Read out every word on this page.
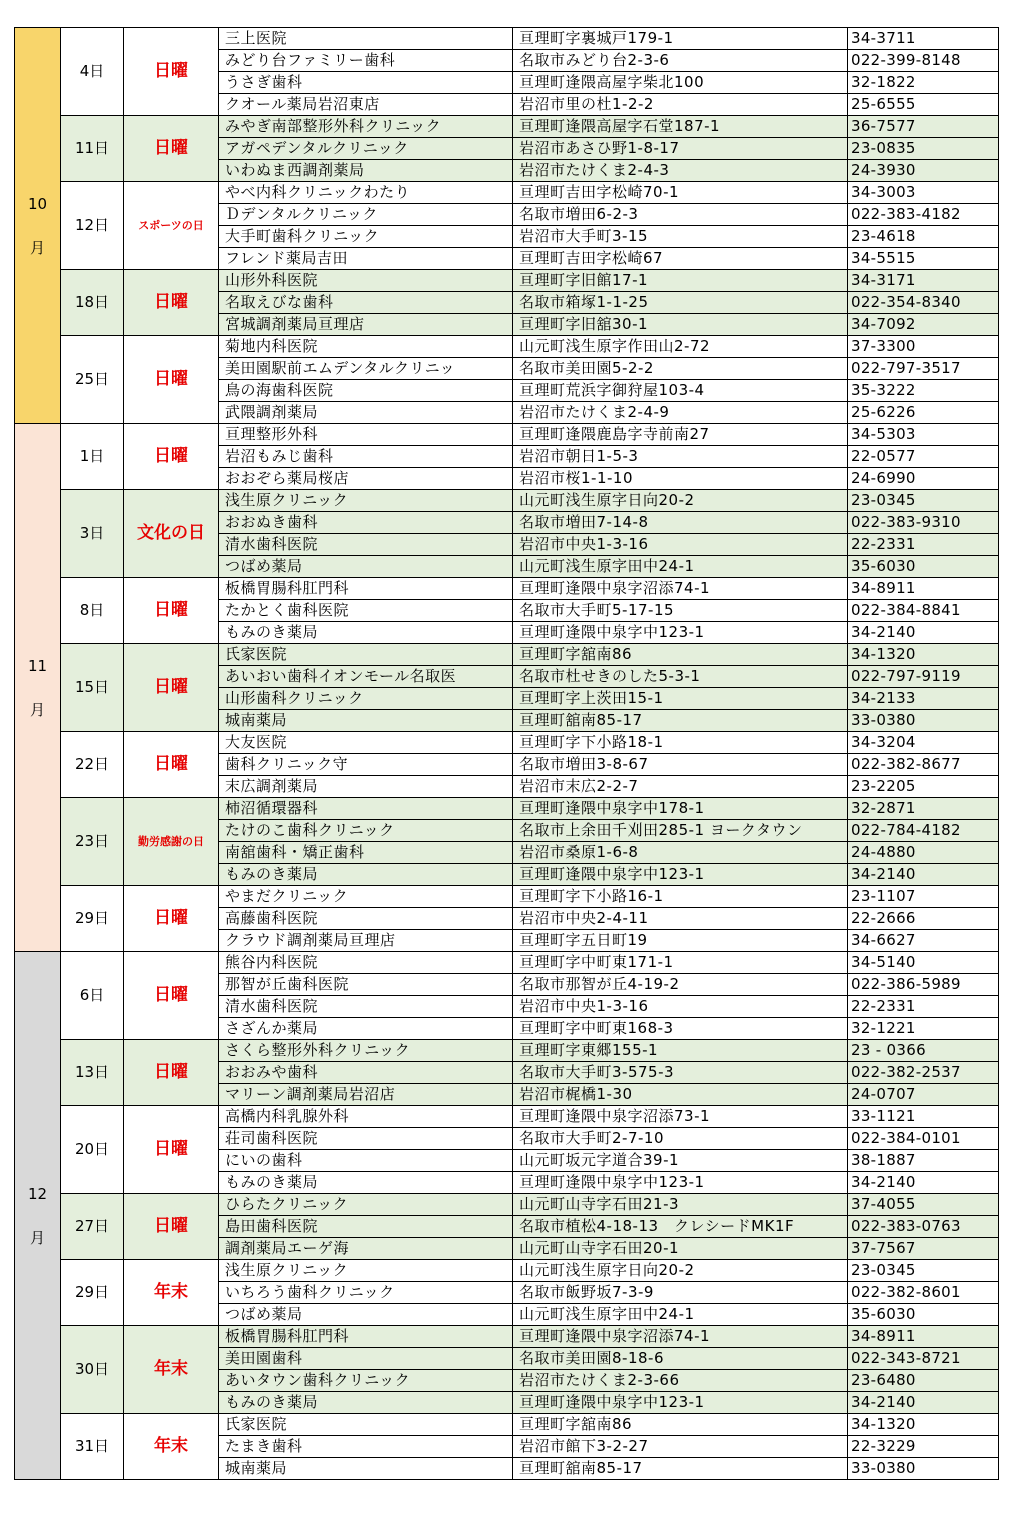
10
月	4日	日曜	三上医院	亘理町字裏城戸179-1	34-3711
			みどり台ファミリー歯科	名取市みどり台2-3-6	022-399-8148
			うさぎ歯科	亘理町逢隈高屋字柴北100	32-1822
			クオール薬局岩沼東店	岩沼市里の杜1-2-2	25-6555
	11日	日曜	みやぎ南部整形外科クリニック	亘理町逢隈高屋字石堂187-1	36-7577
			アガペデンタルクリニック	岩沼市あさひ野1-8-17	23-0835
			いわぬま西調剤薬局	岩沼市たけくま2-4-3	24-3930
	12日	スポーツの日	やべ内科クリニックわたり	亘理町吉田字松崎70-1	34-3003
			Ｄデンタルクリニック	名取市増田6-2-3	022-383-4182
			大手町歯科クリニック	岩沼市大手町3-15	23-4618
			フレンド薬局吉田	亘理町吉田字松崎67	34-5515
	18日	日曜	山形外科医院	亘理町字旧館17-1	34-3171
			名取えびな歯科	名取市箱塚1-1-25	022-354-8340
			宮城調剤薬局亘理店	亘理町字旧舘30-1	34-7092
	25日	日曜	菊地内科医院	山元町浅生原字作田山2-72	37-3300
			美田園駅前エムデンタルクリニッ	名取市美田園5-2-2	022-797-3517
			鳥の海歯科医院	亘理町荒浜字御狩屋103-4	35-3222
			武隈調剤薬局	岩沼市たけくま2-4-9	25-6226

11
月	1日	日曜	亘理整形外科	亘理町逢隈鹿島字寺前南27	34-5303
			岩沼もみじ歯科	岩沼市朝日1-5-3	22-0577
			おおぞら薬局桜店	岩沼市桜1-1-10	24-6990
	3日	文化の日	浅生原クリニック	山元町浅生原字日向20-2	23-0345
			おおぬき歯科	名取市増田7-14-8	022-383-9310
			清水歯科医院	岩沼市中央1-3-16	22-2331
			つばめ薬局	山元町浅生原字田中24-1	35-6030
	8日	日曜	板橋胃腸科肛門科	亘理町逢隈中泉字沼添74-1	34-8911
			たかとく歯科医院	名取市大手町5-17-15	022-384-8841
			もみのき薬局	亘理町逢隈中泉字中123-1	34-2140
	15日	日曜	氏家医院	亘理町字舘南86	34-1320
			あいおい歯科イオンモール名取医	名取市杜せきのした5-3-1	022-797-9119
			山形歯科クリニック	亘理町字上茨田15-1	34-2133
			城南薬局	亘理町舘南85-17	33-0380
	22日	日曜	大友医院	亘理町字下小路18-1	34-3204
			歯科クリニック守	名取市増田3-8-67	022-382-8677
			末広調剤薬局	岩沼市末広2-2-7	23-2205
	23日	勤労感謝の日	柿沼循環器科	亘理町逢隈中泉字中178-1	32-2871
			たけのこ歯科クリニック	名取市上余田千刈田285-1 ヨークタウン	022-784-4182
			南舘歯科・矯正歯科	岩沼市桑原1-6-8	24-4880
			もみのき薬局	亘理町逢隈中泉字中123-1	34-2140
	29日	日曜	やまだクリニック	亘理町字下小路16-1	23-1107
			高藤歯科医院	岩沼市中央2-4-11	22-2666
			クラウド調剤薬局亘理店	亘理町字五日町19	34-6627

12
月	6日	日曜	熊谷内科医院	亘理町字中町東171-1	34-5140
			那智が丘歯科医院	名取市那智が丘4-19-2	022-386-5989
			清水歯科医院	岩沼市中央1-3-16	22-2331
			さざんか薬局	亘理町字中町東168-3	32-1221
	13日	日曜	さくら整形外科クリニック	亘理町字東郷155-1	23 - 0366
			おおみや歯科	名取市大手町3-575-3	022-382-2537
			マリーン調剤薬局岩沼店	岩沼市梶橋1-30	24-0707
	20日	日曜	高橋内科乳腺外科	亘理町逢隈中泉字沼添73-1	33-1121
			荘司歯科医院	名取市大手町2-7-10	022-384-0101
			にいの歯科	山元町坂元字道合39-1	38-1887
			もみのき薬局	亘理町逢隈中泉字中123-1	34-2140
	27日	日曜	ひらたクリニック	山元町山寺字石田21-3	37-4055
			島田歯科医院	名取市植松4-18-13　クレシードMK1F	022-383-0763
			調剤薬局エーゲ海	山元町山寺字石田20-1	37-7567
	29日	年末	浅生原クリニック	山元町浅生原字日向20-2	23-0345
			いちろう歯科クリニック	名取市飯野坂7-3-9	022-382-8601
			つばめ薬局	山元町浅生原字田中24-1	35-6030
	30日	年末	板橋胃腸科肛門科	亘理町逢隈中泉字沼添74-1	34-8911
			美田園歯科	名取市美田園8-18-6	022-343-8721
			あいタウン歯科クリニック	岩沼市たけくま2-3-66	23-6480
			もみのき薬局	亘理町逢隈中泉字中123-1	34-2140
	31日	年末	氏家医院	亘理町字舘南86	34-1320
			たまき歯科	岩沼市館下3-2-27	22-3229
			城南薬局	亘理町舘南85-17	33-0380
